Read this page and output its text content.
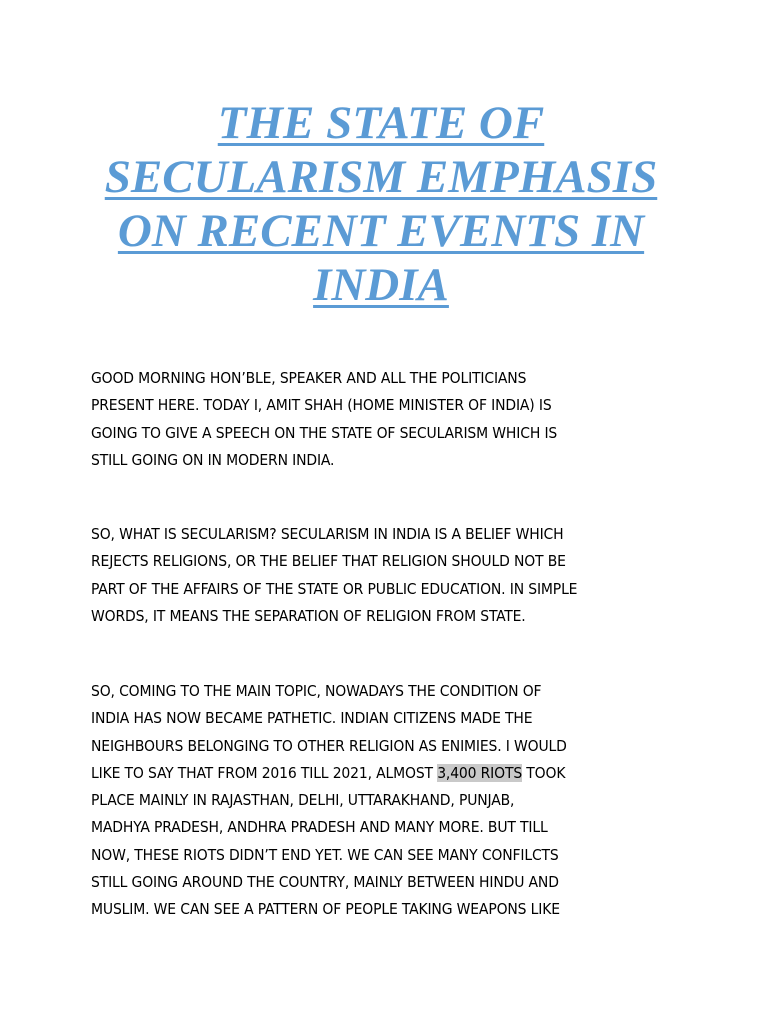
THE STATE OF
SECULARISM EMPHASIS
ON RECENT EVENTS IN
INDIA

GOOD MORNING HON’BLE, SPEAKER AND ALL THE POLITICIANS
PRESENT HERE. TODAY I, AMIT SHAH (HOME MINISTER OF INDIA) IS
GOING TO GIVE A SPEECH ON THE STATE OF SECULARISM WHICH IS
STILL GOING ON IN MODERN INDIA.

SO, WHAT IS SECULARISM? SECULARISM IN INDIA IS A BELIEF WHICH
REJECTS RELIGIONS, OR THE BELIEF THAT RELIGION SHOULD NOT BE
PART OF THE AFFAIRS OF THE STATE OR PUBLIC EDUCATION. IN SIMPLE
WORDS, IT MEANS THE SEPARATION OF RELIGION FROM STATE.

SO, COMING TO THE MAIN TOPIC, NOWADAYS THE CONDITION OF
INDIA HAS NOW BECAME PATHETIC. INDIAN CITIZENS MADE THE
NEIGHBOURS BELONGING TO OTHER RELIGION AS ENIMIES. I WOULD
LIKE TO SAY THAT FROM 2016 TILL 2021, ALMOST 3,400 RIOTS TOOK
PLACE MAINLY IN RAJASTHAN, DELHI, UTTARAKHAND, PUNJAB,
MADHYA PRADESH, ANDHRA PRADESH AND MANY MORE. BUT TILL
NOW, THESE RIOTS DIDN’T END YET. WE CAN SEE MANY CONFILCTS
STILL GOING AROUND THE COUNTRY, MAINLY BETWEEN HINDU AND
MUSLIM. WE CAN SEE A PATTERN OF PEOPLE TAKING WEAPONS LIKE
